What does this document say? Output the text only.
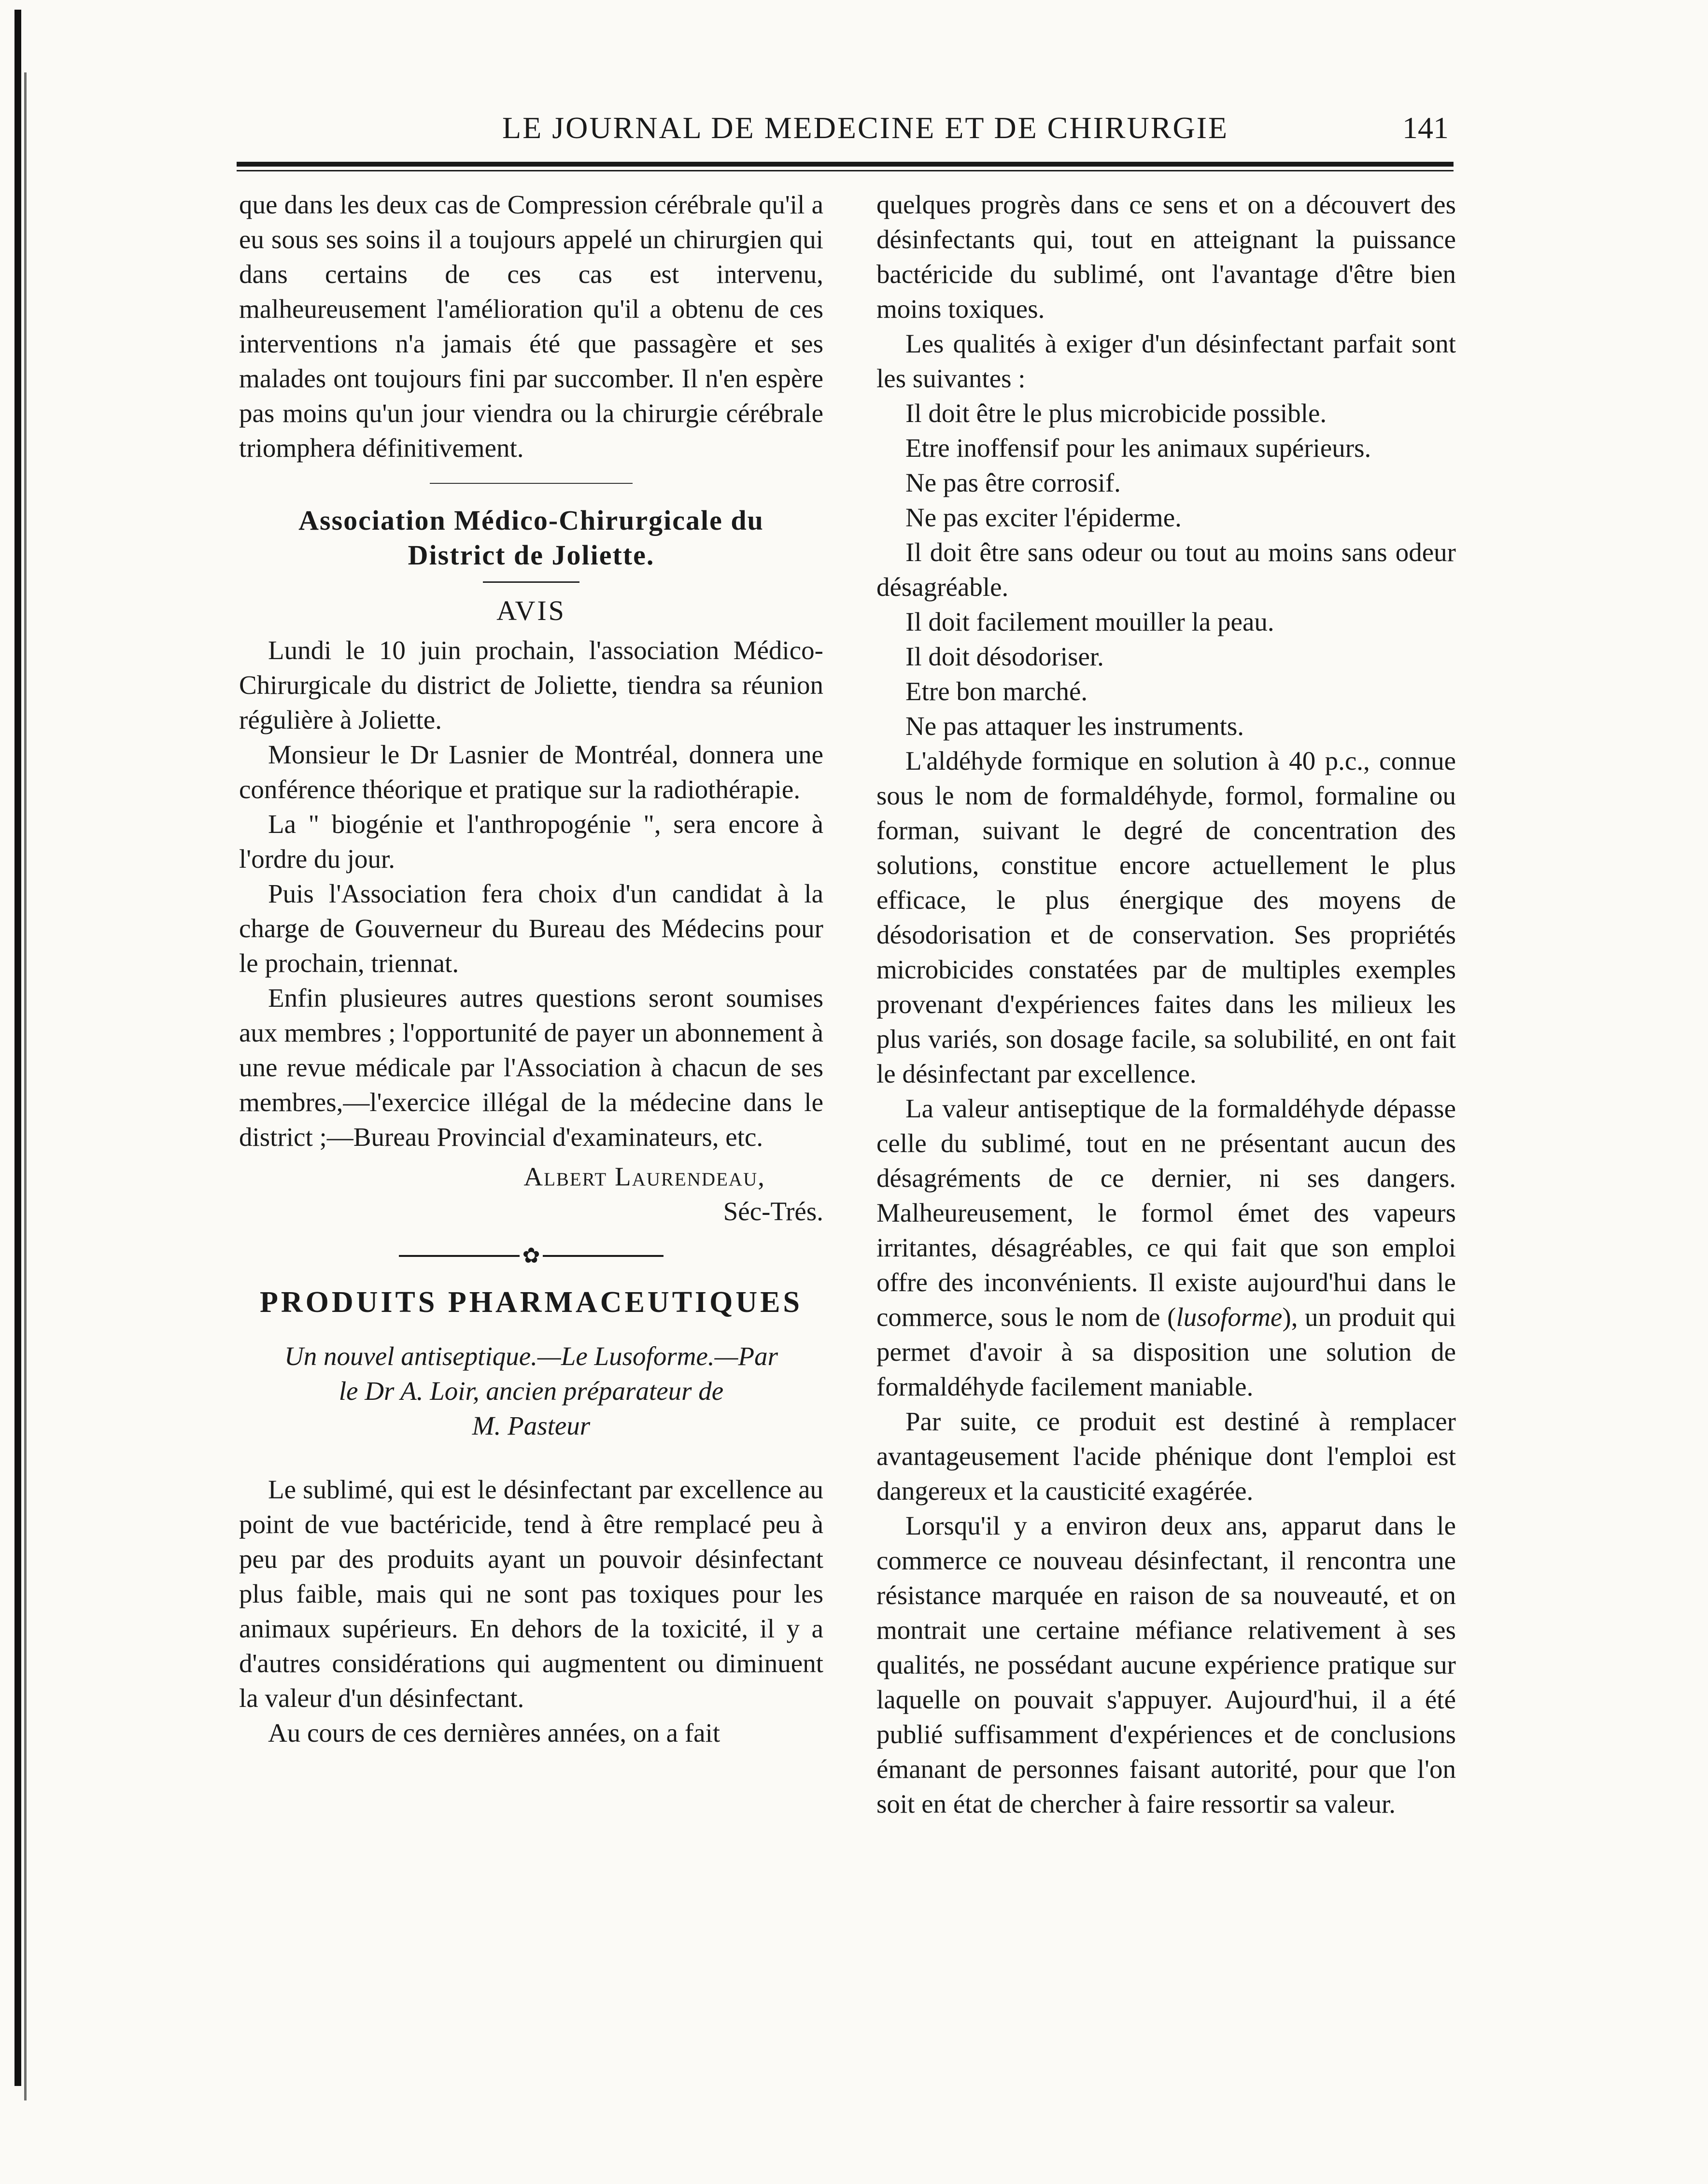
LE JOURNAL DE MEDECINE ET DE CHIRURGIE	141

que dans les deux cas de Compression cérébrale qu'il a eu sous ses soins il a toujours appelé un chirurgien qui dans certains de ces cas est intervenu, malheureusement l'amélioration qu'il a obtenu de ces interventions n'a jamais été que passagère et ses malades ont toujours fini par succomber. Il n'en espère pas moins qu'un jour viendra ou la chirurgie cérébrale triomphera définitivement.

Association Médico-Chirurgicale du
District de Joliette.
AVIS

Lundi le 10 juin prochain, l'association Médico-Chirurgicale du district de Joliette, tiendra sa réunion régulière à Joliette.

Monsieur le Dr Lasnier de Montréal, donnera une conférence théorique et pratique sur la radiothérapie.

La " biogénie et l'anthropogénie ", sera encore à l'ordre du jour.

Puis l'Association fera choix d'un candidat à la charge de Gouverneur du Bureau des Médecins pour le prochain, triennat.

Enfin plusieures autres questions seront soumises aux membres ; l'opportunité de payer un abonnement à une revue médicale par l'Association à chacun de ses membres,—l'exercice illégal de la médecine dans le district ;—Bureau Provincial d'examinateurs, etc.

Albert Laurendeau,
Séc-Trés.
✿
PRODUITS PHARMACEUTIQUES
Un nouvel antiseptique.—Le Lusoforme.—Par
le Dr A. Loir, ancien préparateur de
M. Pasteur

Le sublimé, qui est le désinfectant par excellence au point de vue bactéricide, tend à être remplacé peu à peu par des produits ayant un pouvoir désinfectant plus faible, mais qui ne sont pas toxiques pour les animaux supérieurs. En dehors de la toxicité, il y a d'autres considérations qui augmentent ou diminuent la valeur d'un désinfectant.

Au cours de ces dernières années, on a fait

quelques progrès dans ce sens et on a découvert des désinfectants qui, tout en atteignant la puissance bactéricide du sublimé, ont l'avantage d'être bien moins toxiques.

Les qualités à exiger d'un désinfectant parfait sont les suivantes :

Il doit être le plus microbicide possible.

Etre inoffensif pour les animaux supérieurs.

Ne pas être corrosif.

Ne pas exciter l'épiderme.

Il doit être sans odeur ou tout au moins sans odeur désagréable.

Il doit facilement mouiller la peau.

Il doit désodoriser.

Etre bon marché.

Ne pas attaquer les instruments.

L'aldéhyde formique en solution à 40 p.c., connue sous le nom de formaldéhyde, formol, formaline ou forman, suivant le degré de concentration des solutions, constitue encore actuellement le plus efficace, le plus énergique des moyens de désodorisation et de conservation. Ses propriétés microbicides constatées par de multiples exemples provenant d'expériences faites dans les milieux les plus variés, son dosage facile, sa solubilité, en ont fait le désinfectant par excellence.

La valeur antiseptique de la formaldéhyde dépasse celle du sublimé, tout en ne présentant aucun des désagréments de ce dernier, ni ses dangers. Malheureusement, le formol émet des vapeurs irritantes, désagréables, ce qui fait que son emploi offre des inconvénients. Il existe aujourd'hui dans le commerce, sous le nom de (lusoforme), un produit qui permet d'avoir à sa disposition une solution de formaldéhyde facilement maniable.

Par suite, ce produit est destiné à remplacer avantageusement l'acide phénique dont l'emploi est dangereux et la causticité exagérée.

Lorsqu'il y a environ deux ans, apparut dans le commerce ce nouveau désinfectant, il rencontra une résistance marquée en raison de sa nouveauté, et on montrait une certaine méfiance relativement à ses qualités, ne possédant aucune expérience pratique sur laquelle on pouvait s'appuyer. Aujourd'hui, il a été publié suffisamment d'expériences et de conclusions émanant de personnes faisant autorité, pour que l'on soit en état de chercher à faire ressortir sa valeur.
